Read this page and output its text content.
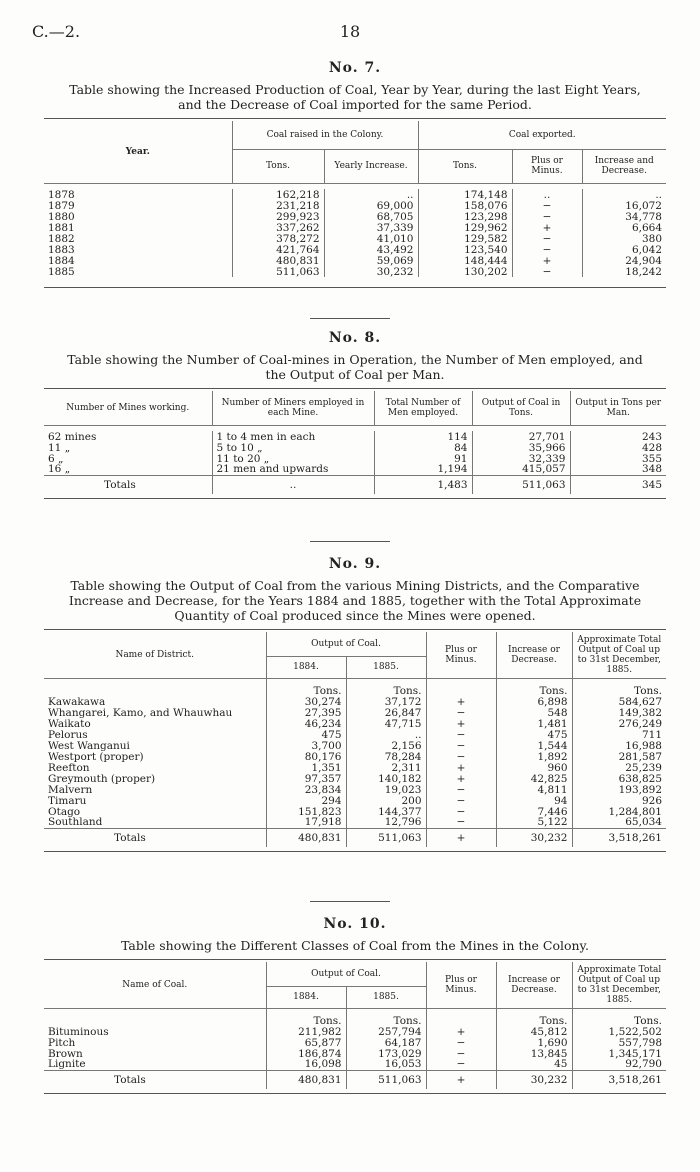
C.—2.	18
No. 7.
Table showing the Increased Production of Coal, Year by Year, during the last Eight Years, and the Decrease of Coal imported for the same Period.
Year.	Coal raised in the Colony.		Coal exported.		
	Tons.	Yearly Increase.	Tons.	Plus or Minus.	Increase and Decrease.

1878	162,218	..	174,148	..	..
1879	231,218	69,000	158,076	−	16,072
1880	299,923	68,705	123,298	−	34,778
1881	337,262	37,339	129,962	+	6,664
1882	378,272	41,010	129,582	−	380
1883	421,764	43,492	123,540	−	6,042
1884	480,831	59,069	148,444	+	24,904
1885	511,063	30,232	130,202	−	18,242

No. 8.
Table showing the Number of Coal-mines in Operation, the Number of Men employed, and the Output of Coal per Man.
Number of Mines working.	Number of Miners employed in each Mine.	Total Number of Men employed.	Output of Coal in Tons.	Output in Tons per Man.

62 mines	1 to 4 men in each	114	27,701	243
11 „	5 to 10 „	84	35,966	428
6 „	11 to 20 „	91	32,339	355
16 „	21 men and upwards	1,194	415,057	348
Totals	..	1,483	511,063	345
No. 9.
Table showing the Output of Coal from the various Mining Districts, and the Comparative Increase and Decrease, for the Years 1884 and 1885, together with the Total Approximate Quantity of Coal produced since the Mines were opened.
Name of District.	Output of Coal.		Plus or Minus.	Increase or Decrease.	Approximate Total Output of Coal up to 31st December, 1885.
	1884.	1885.			
	Tons.	Tons.		Tons.	Tons.
Kawakawa	30,274	37,172	+	6,898	584,627
Whangarei, Kamo, and Whauwhau	27,395	26,847	−	548	149,382
Waikato	46,234	47,715	+	1,481	276,249
Pelorus	475	..	−	475	711
West Wanganui	3,700	2,156	−	1,544	16,988
Westport (proper)	80,176	78,284	−	1,892	281,587
Reefton	1,351	2,311	+	960	25,239
Greymouth (proper)	97,357	140,182	+	42,825	638,825
Malvern	23,834	19,023	−	4,811	193,892
Timaru	294	200	−	94	926
Otago	151,823	144,377	−	7,446	1,284,801
Southland	17,918	12,796	−	5,122	65,034
Totals	480,831	511,063	+	30,232	3,518,261
No. 10.
Table showing the Different Classes of Coal from the Mines in the Colony.
Name of Coal.	Output of Coal.		Plus or Minus.	Increase or Decrease.	Approximate Total Output of Coal up to 31st December, 1885.
	1884.	1885.			
	Tons.	Tons.		Tons.	Tons.
Bituminous	211,982	257,794	+	45,812	1,522,502
Pitch	65,877	64,187	−	1,690	557,798
Brown	186,874	173,029	−	13,845	1,345,171
Lignite	16,098	16,053	−	45	92,790
Totals	480,831	511,063	+	30,232	3,518,261
